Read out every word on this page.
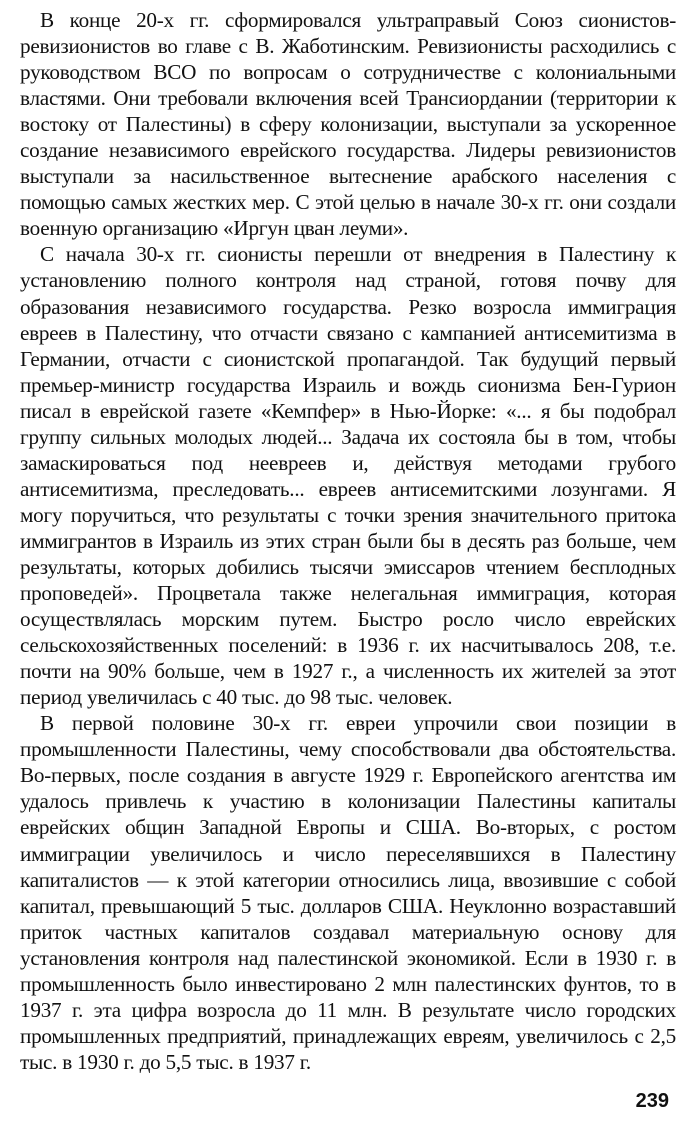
В конце 20-х гг. сформировался ультраправый Союз сионистов-ревизионистов во главе с В. Жаботинским. Ревизионисты расходились с руководством ВСО по вопросам о сотрудничестве с колониальными властями. Они требовали включения всей Трансиордании (территории к востоку от Палестины) в сферу колонизации, выступали за ускоренное создание независимого еврейского государства. Лидеры ревизионистов выступали за насильственное вытеснение арабского населения с помощью самых жестких мер. С этой целью в начале 30-х гг. они создали военную организацию «Иргун цван леуми».

С начала 30-х гг. сионисты перешли от внедрения в Палестину к установлению полного контроля над страной, готовя почву для образования независимого государства. Резко возросла иммиграция евреев в Палестину, что отчасти связано с кампанией антисемитизма в Германии, отчасти с сионистской пропагандой. Так будущий первый премьер-министр государства Израиль и вождь сионизма Бен-Гурион писал в еврейской газете «Кемпфер» в Нью-Йорке: «... я бы подобрал группу сильных молодых людей... Задача их состояла бы в том, чтобы замаскироваться под неевреев и, действуя методами грубого антисемитизма, преследовать... евреев антисемитскими лозунгами. Я могу поручиться, что результаты с точки зрения значительного притока иммигрантов в Израиль из этих стран были бы в десять раз больше, чем результаты, которых добились тысячи эмиссаров чтением бесплодных проповедей». Процветала также нелегальная иммиграция, которая осуществлялась морским путем. Быстро росло число еврейских сельскохозяйственных поселений: в 1936 г. их насчитывалось 208, т.е. почти на 90% больше, чем в 1927 г., а численность их жителей за этот период увеличилась с 40 тыс. до 98 тыс. человек.

В первой половине 30-х гг. евреи упрочили свои позиции в промышленности Палестины, чему способствовали два обстоятельства. Во-первых, после создания в августе 1929 г. Европейского агентства им удалось привлечь к участию в колонизации Палестины капиталы еврейских общин Западной Европы и США. Во-вторых, с ростом иммиграции увеличилось и число переселявшихся в Палестину капиталистов — к этой категории относились лица, ввозившие с собой капитал, превышающий 5 тыс. долларов США. Неуклонно возраставший приток частных капиталов создавал материальную основу для установления контроля над палестинской экономикой. Если в 1930 г. в промышленность было инвестировано 2 млн палестинских фунтов, то в 1937 г. эта цифра возросла до 11 млн. В результате число городских промышленных предприятий, принадлежащих евреям, увеличилось с 2,5 тыс. в 1930 г. до 5,5 тыс. в 1937 г.

239
